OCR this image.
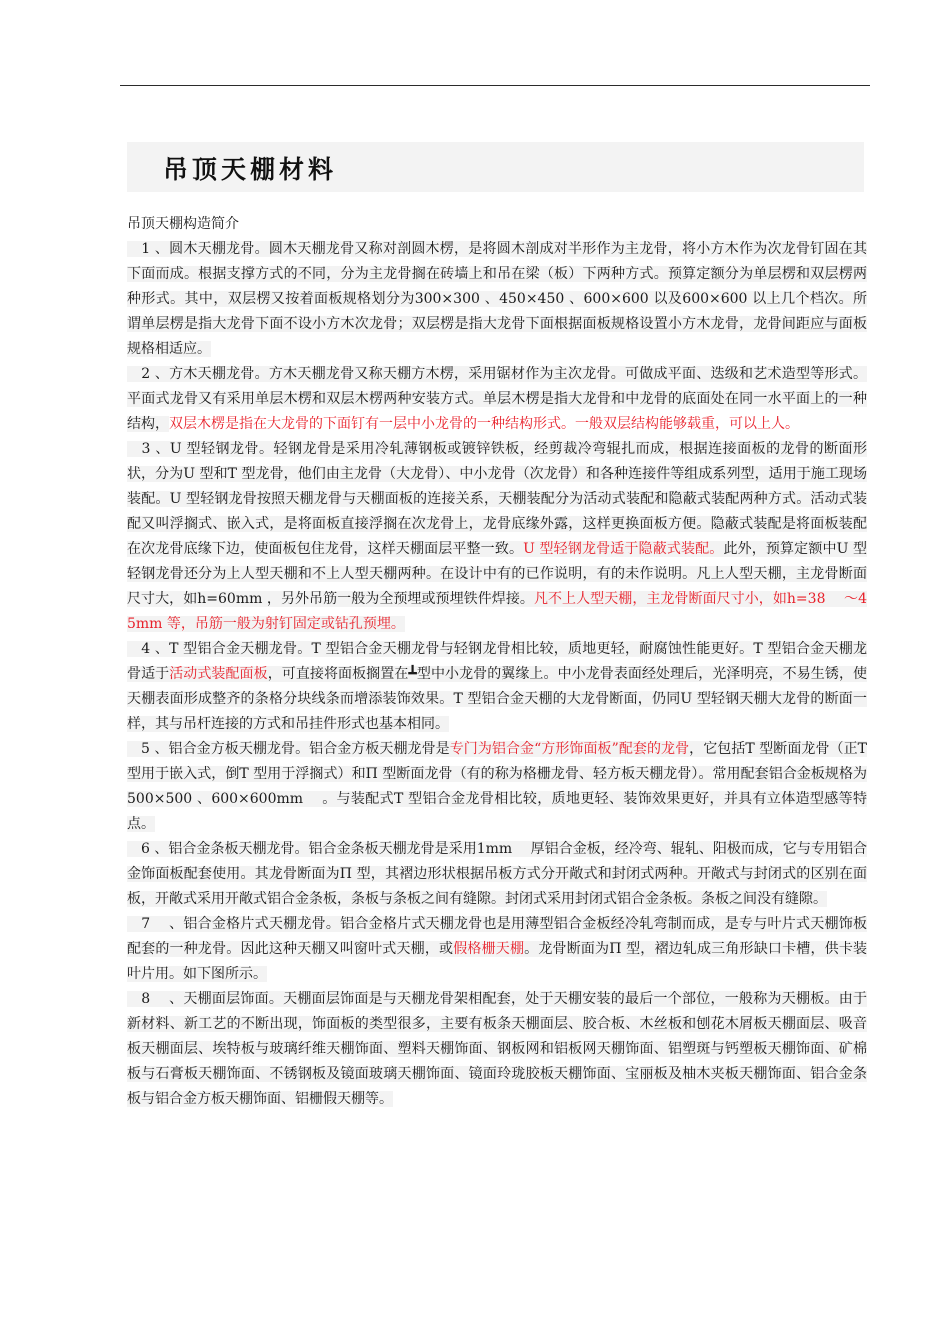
吊顶天棚材料
吊顶天棚构造简介

　1 、圆木天棚龙骨。圆木天棚龙骨又称对剖圆木楞，是将圆木剖成对半形作为主龙骨，将小方木作为次龙骨钉固在其下面而成。根据支撑方式的不同，分为主龙骨搁在砖墙上和吊在梁（板）下两种方式。预算定额分为单层楞和双层楞两种形式。其中，双层楞又按着面板规格划分为300×300 、450×450 、600×600 以及600×600 以上几个档次。所谓单层楞是指大龙骨下面不设小方木次龙骨；双层楞是指大龙骨下面根据面板规格设置小方木龙骨，龙骨间距应与面板规格相适应。

　2 、方木天棚龙骨。方木天棚龙骨又称天棚方木楞，采用锯材作为主次龙骨。可做成平面、迭级和艺术造型等形式。平面式龙骨又有采用单层木楞和双层木楞两种安装方式。单层木楞是指大龙骨和中龙骨的底面处在同一水平面上的一种结构，双层木楞是指在大龙骨的下面钉有一层中小龙骨的一种结构形式。一般双层结构能够载重，可以上人。

　3 、U 型轻钢龙骨。轻钢龙骨是采用冷轧薄钢板或镀锌铁板，经剪裁冷弯辊扎而成，根据连接面板的龙骨的断面形状，分为U 型和T 型龙骨，他们由主龙骨（大龙骨）、中小龙骨（次龙骨）和各种连接件等组成系列型，适用于施工现场装配。U 型轻钢龙骨按照天棚龙骨与天棚面板的连接关系，天棚装配分为活动式装配和隐蔽式装配两种方式。活动式装配又叫浮搁式、嵌入式，是将面板直接浮搁在次龙骨上，龙骨底缘外露，这样更换面板方便。隐蔽式装配是将面板装配在次龙骨底缘下边，使面板包住龙骨，这样天棚面层平整一致。U 型轻钢龙骨适于隐蔽式装配。此外，预算定额中U 型轻钢龙骨还分为上人型天棚和不上人型天棚两种。在设计中有的已作说明，有的未作说明。凡上人型天棚，主龙骨断面尺寸大，如h=60mm ，另外吊筋一般为全预埋或预埋铁件焊接。凡不上人型天棚，主龙骨断面尺寸小，如h=38 　～45mm 等，吊筋一般为射钉固定或钻孔预埋。

　4 、T 型铝合金天棚龙骨。T 型铝合金天棚龙骨与轻钢龙骨相比较，质地更轻，耐腐蚀性能更好。T 型铝合金天棚龙骨适于活动式装配面板，可直接将面板搁置在┻型中小龙骨的翼缘上。中小龙骨表面经处理后，光泽明亮，不易生锈，使天棚表面形成整齐的条格分块线条而增添装饰效果。T 型铝合金天棚的大龙骨断面，仍同U 型轻钢天棚大龙骨的断面一样，其与吊杆连接的方式和吊挂件形式也基本相同。

　5 、铝合金方板天棚龙骨。铝合金方板天棚龙骨是专门为铝合金“方形饰面板”配套的龙骨，它包括T 型断面龙骨（正T 型用于嵌入式，倒T 型用于浮搁式）和Π 型断面龙骨（有的称为格栅龙骨、轻方板天棚龙骨）。常用配套铝合金板规格为500×500 、600×600mm 　。与装配式T 型铝合金龙骨相比较，质地更轻、装饰效果更好，并具有立体造型感等特点。

　6 、铝合金条板天棚龙骨。铝合金条板天棚龙骨是采用1mm 　厚铝合金板，经冷弯、辊轧、阳极而成，它与专用铝合金饰面板配套使用。其龙骨断面为Π 型，其褶边形状根据吊板方式分开敞式和封闭式两种。开敞式与封闭式的区别在面板，开敞式采用开敞式铝合金条板，条板与条板之间有缝隙。封闭式采用封闭式铝合金条板。条板之间没有缝隙。

　7 　、铝合金格片式天棚龙骨。铝合金格片式天棚龙骨也是用薄型铝合金板经冷轧弯制而成，是专与叶片式天棚饰板配套的一种龙骨。因此这种天棚又叫窗叶式天棚，或假格栅天棚。龙骨断面为Π 型，褶边轧成三角形缺口卡槽，供卡装叶片用。如下图所示。

　8 　、天棚面层饰面。天棚面层饰面是与天棚龙骨架相配套，处于天棚安装的最后一个部位，一般称为天棚板。由于新材料、新工艺的不断出现，饰面板的类型很多，主要有板条天棚面层、胶合板、木丝板和刨花木屑板天棚面层、吸音板天棚面层、埃特板与玻璃纤维天棚饰面、塑料天棚饰面、钢板网和铝板网天棚饰面、铝塑斑与钙塑板天棚饰面、矿棉板与石膏板天棚饰面、不锈钢板及镜面玻璃天棚饰面、镜面玲珑胶板天棚饰面、宝丽板及柚木夹板天棚饰面、铝合金条板与铝合金方板天棚饰面、铝栅假天棚等。
